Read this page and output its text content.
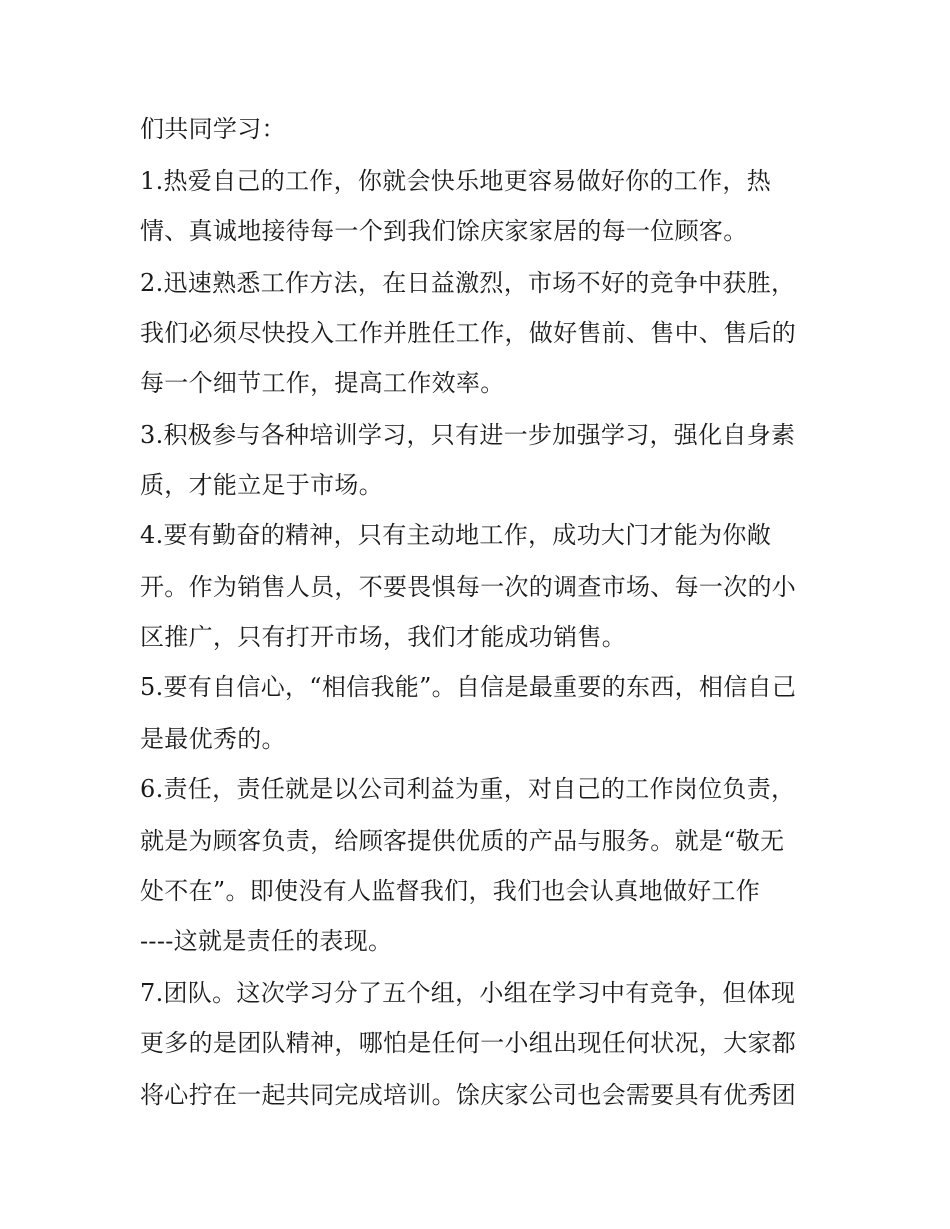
们共同学习：
1.热爱自己的工作，你就会快乐地更容易做好你的工作，热
情、真诚地接待每一个到我们馀庆家家居的每一位顾客。
2.迅速熟悉工作方法，在日益激烈，市场不好的竞争中获胜，
我们必须尽快投入工作并胜任工作，做好售前、售中、售后的
每一个细节工作，提高工作效率。
3.积极参与各种培训学习，只有进一步加强学习，强化自身素
质，才能立足于市场。
4.要有勤奋的精神，只有主动地工作，成功大门才能为你敞
开。作为销售人员，不要畏惧每一次的调查市场、每一次的小
区推广，只有打开市场，我们才能成功销售。
5.要有自信心，“相信我能”。自信是最重要的东西，相信自己
是最优秀的。
6.责任，责任就是以公司利益为重，对自己的工作岗位负责，
就是为顾客负责，给顾客提供优质的产品与服务。就是“敬无
处不在”。即使没有人监督我们，我们也会认真地做好工作
----这就是责任的表现。
7.团队。这次学习分了五个组，小组在学习中有竞争，但体现
更多的是团队精神，哪怕是任何一小组出现任何状况，大家都
将心拧在一起共同完成培训。馀庆家公司也会需要具有优秀团
